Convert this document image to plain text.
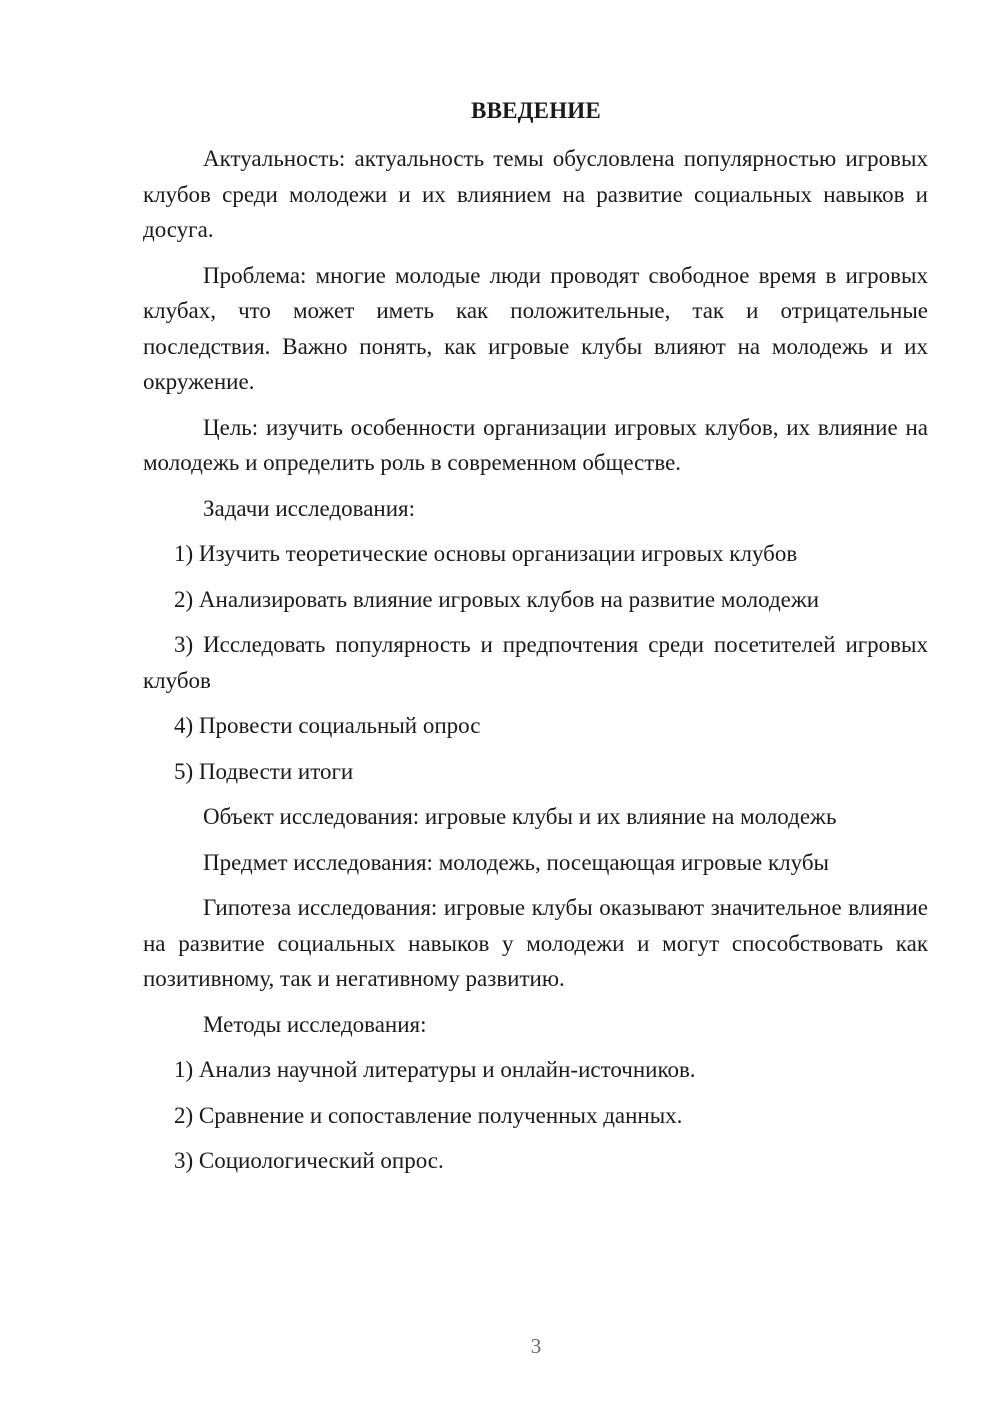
ВВЕДЕНИЕ

Актуальность: актуальность темы обусловлена популярностью игровых клубов среди молодежи и их влиянием на развитие социальных навыков и досуга.

Проблема: многие молодые люди проводят свободное время в игровых клубах, что может иметь как положительные, так и отрицательные последствия. Важно понять, как игровые клубы влияют на молодежь и их окружение.

Цель: изучить особенности организации игровых клубов, их влияние на молодежь и определить роль в современном обществе.

Задачи исследования:

1) Изучить теоретические основы организации игровых клубов

2) Анализировать влияние игровых клубов на развитие молодежи

3) Исследовать популярность и предпочтения среди посетителей игровых клубов

4) Провести социальный опрос

5) Подвести итоги

Объект исследования: игровые клубы и их влияние на молодежь

Предмет исследования: молодежь, посещающая игровые клубы

Гипотеза исследования: игровые клубы оказывают значительное влияние на развитие социальных навыков у молодежи и могут способствовать как позитивному, так и негативному развитию.

Методы исследования:

1) Анализ научной литературы и онлайн-источников.

2) Сравнение и сопоставление полученных данных.

3) Социологический опрос.

3
